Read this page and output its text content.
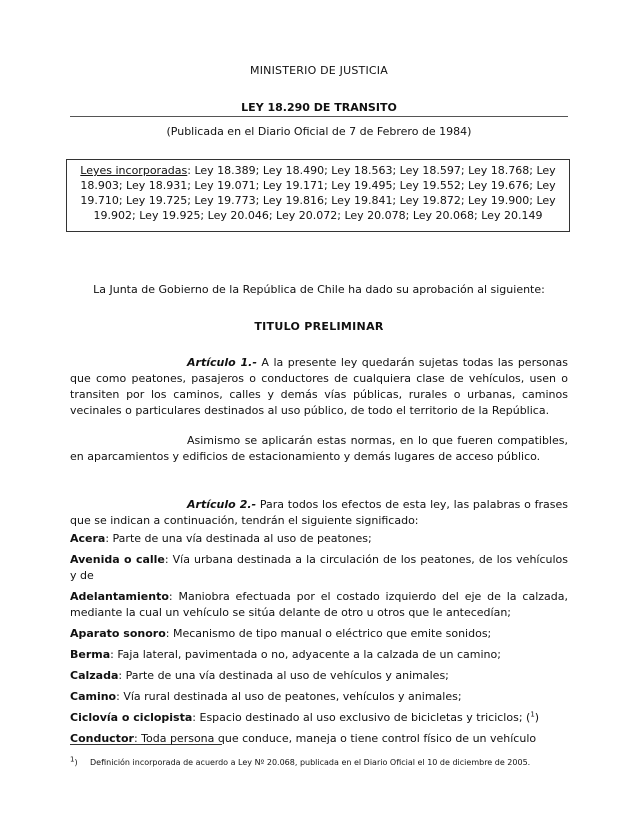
MINISTERIO DE JUSTICIA
LEY 18.290 DE TRANSITO
(Publicada en el Diario Oficial de 7 de Febrero de 1984)
Leyes incorporadas: Ley 18.389; Ley 18.490; Ley 18.563; Ley 18.597; Ley 18.768; Ley 18.903; Ley 18.931; Ley 19.071; Ley 19.171; Ley 19.495; Ley 19.552; Ley 19.676; Ley 19.710; Ley 19.725; Ley 19.773; Ley 19.816; Ley 19.841; Ley 19.872; Ley 19.900; Ley 19.902; Ley 19.925; Ley 20.046; Ley 20.072; Ley 20.078; Ley 20.068; Ley 20.149
La Junta de Gobierno de la República de Chile ha dado su aprobación al siguiente:
TITULO PRELIMINAR
Artículo 1.- A la presente ley quedarán sujetas todas las personas que como peatones, pasajeros o conductores de cualquiera clase de vehículos, usen o transiten por los caminos, calles y demás vías públicas, rurales o urbanas, caminos vecinales o particulares destinados al uso público, de todo el territorio de la República.
Asimismo se aplicarán estas normas, en lo que fueren compatibles, en aparcamientos y edificios de estacionamiento y demás lugares de acceso público.
Artículo 2.- Para todos los efectos de esta ley, las palabras o frases que se indican a continuación, tendrán el siguiente significado:
Acera: Parte de una vía destinada al uso de peatones;
Avenida o calle: Vía urbana destinada a la circulación de los peatones, de los vehículos y de
Adelantamiento: Maniobra efectuada por el costado izquierdo del eje de la calzada, mediante la cual un vehículo se sitúa delante de otro u otros que le antecedían;
Aparato sonoro: Mecanismo de tipo manual o eléctrico que emite sonidos;
Berma: Faja lateral, pavimentada o no, adyacente a la calzada de un camino;
Calzada: Parte de una vía destinada al uso de vehículos y animales;
Camino: Vía rural destinada al uso de peatones, vehículos y animales;
Ciclovía o ciclopista: Espacio destinado al uso exclusivo de bicicletas y triciclos; ($^1$)
Conductor: Toda persona que conduce, maneja o tiene control físico de un vehículo
1) Definición incorporada de acuerdo a Ley Nº 20.068, publicada en el Diario Oficial el 10 de diciembre de 2005.
